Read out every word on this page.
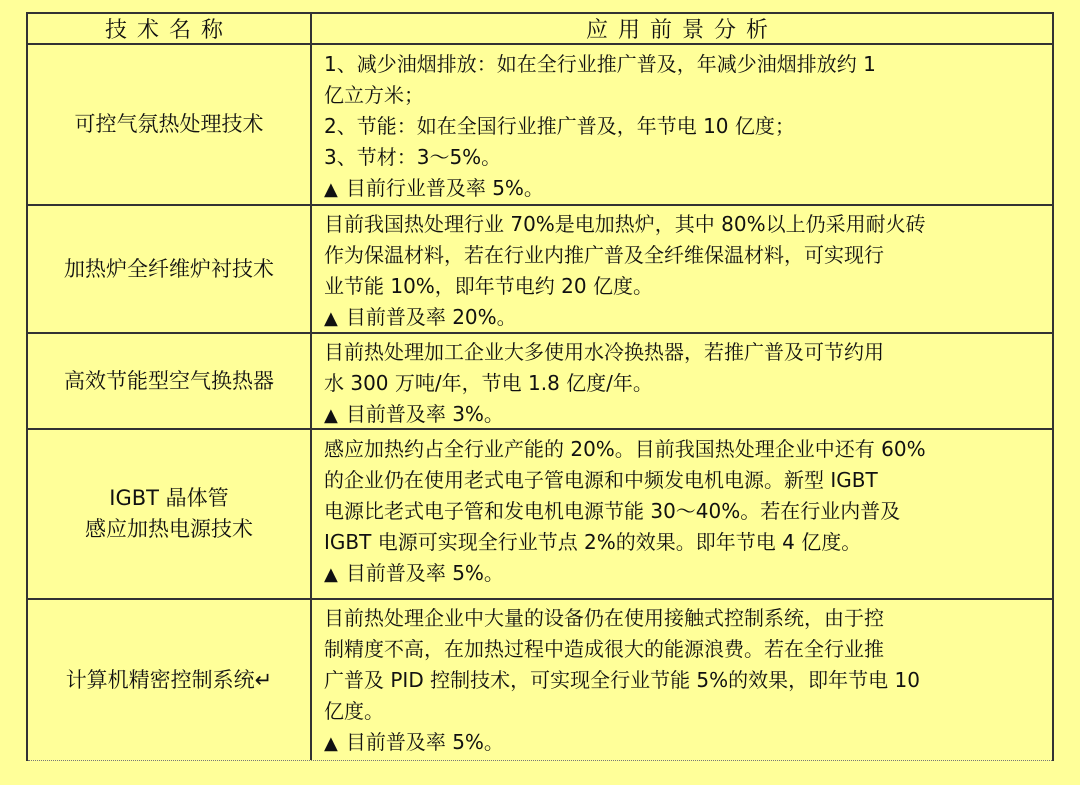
技术名称	应用前景分析
可控气氛热处理技术
1、减少油烟排放：如在全行业推广普及，年减少油烟排放约 1
亿立方米；
2、节能：如在全国行业推广普及，年节电 10 亿度；
3、节材：3～5%。
▲ 目前行业普及率 5%。
加热炉全纤维炉衬技术
目前我国热处理行业 70%是电加热炉，其中 80%以上仍采用耐火砖
作为保温材料，若在行业内推广普及全纤维保温材料，可实现行
业节能 10%，即年节电约 20 亿度。
▲ 目前普及率 20%。
高效节能型空气换热器
目前热处理加工企业大多使用水冷换热器，若推广普及可节约用
水 300 万吨/年，节电 1.8 亿度/年。
▲ 目前普及率 3%。
IGBT 晶体管
感应加热电源技术
感应加热约占全行业产能的 20%。目前我国热处理企业中还有 60%
的企业仍在使用老式电子管电源和中频发电机电源。新型 IGBT
电源比老式电子管和发电机电源节能 30～40%。若在行业内普及
IGBT 电源可实现全行业节点 2%的效果。即年节电 4 亿度。
▲ 目前普及率 5%。
计算机精密控制系统↵
目前热处理企业中大量的设备仍在使用接触式控制系统，由于控
制精度不高，在加热过程中造成很大的能源浪费。若在全行业推
广普及 PID 控制技术，可实现全行业节能 5%的效果，即年节电 10
亿度。
▲ 目前普及率 5%。
